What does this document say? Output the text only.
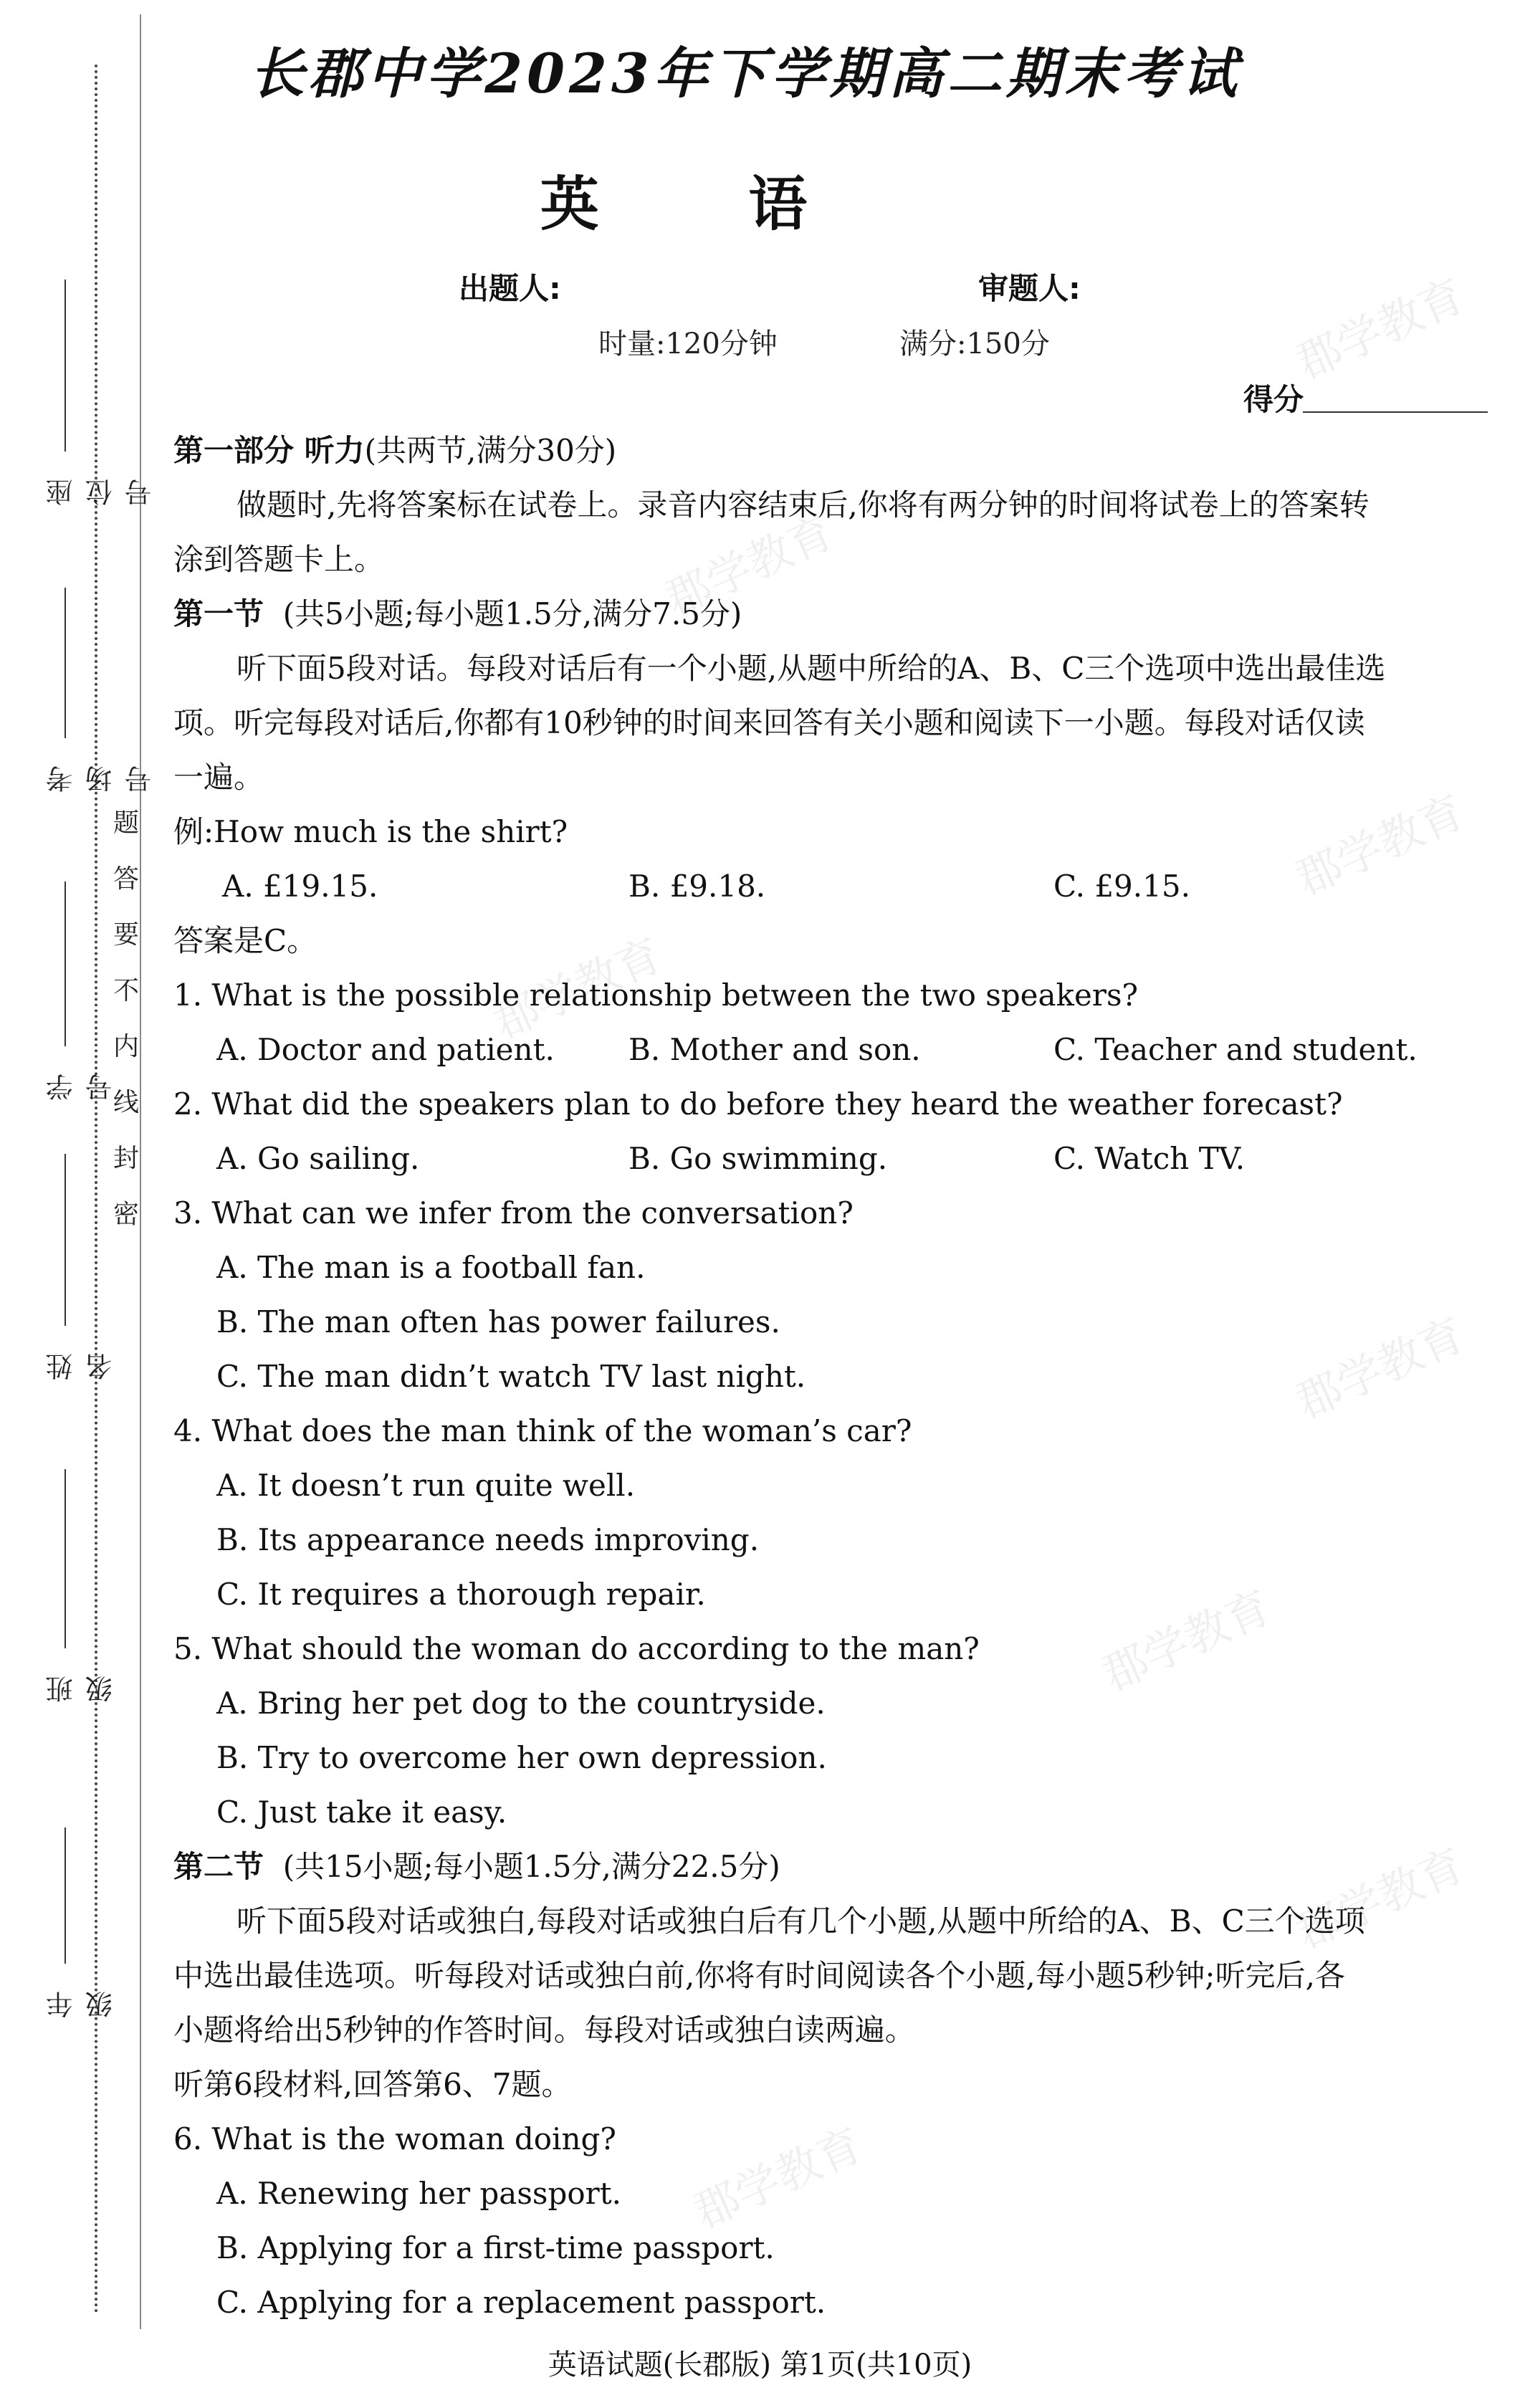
郡学教育
郡学教育
郡学教育
郡学教育
郡学教育
郡学教育
郡学教育
郡学教育
座位号
考场号
学 号
姓 名
班 级
年 级
题
答
要
不
内
线
封
密
长郡中学2023年下学期高二期末考试
英 语
出题人:	审题人:
时量:120分钟	满分:150分
得分
第一部分 听力(共两节,满分30分)
做题时,先将答案标在试卷上。录音内容结束后,你将有两分钟的时间将试卷上的答案转
涂到答题卡上。
第一节 (共5小题;每小题1.5分,满分7.5分)
听下面5段对话。每段对话后有一个小题,从题中所给的A、B、C三个选项中选出最佳选
项。听完每段对话后,你都有10秒钟的时间来回答有关小题和阅读下一小题。每段对话仅读
一遍。
例:How much is the shirt?
A. £19.15.	B. £9.18.	C. £9.15.
答案是C。
1. What is the possible relationship between the two speakers?
A. Doctor and patient. B. Mother and son.	C. Teacher and student.
2. What did the speakers plan to do before they heard the weather forecast?
A. Go sailing.	B. Go swimming.	C. Watch TV.
3. What can we infer from the conversation?
A. The man is a football fan.
B. The man often has power failures.
C. The man didn’t watch TV last night.
4. What does the man think of the woman’s car?
A. It doesn’t run quite well.
B. Its appearance needs improving.
C. It requires a thorough repair.
5. What should the woman do according to the man?
A. Bring her pet dog to the countryside.
B. Try to overcome her own depression.
C. Just take it easy.
第二节 (共15小题;每小题1.5分,满分22.5分)
听下面5段对话或独白,每段对话或独白后有几个小题,从题中所给的A、B、C三个选项
中选出最佳选项。听每段对话或独白前,你将有时间阅读各个小题,每小题5秒钟;听完后,各
小题将给出5秒钟的作答时间。每段对话或独白读两遍。
听第6段材料,回答第6、7题。
6. What is the woman doing?
A. Renewing her passport.
B. Applying for a first-time passport.
C. Applying for a replacement passport.
英语试题(长郡版) 第1页(共10页)
